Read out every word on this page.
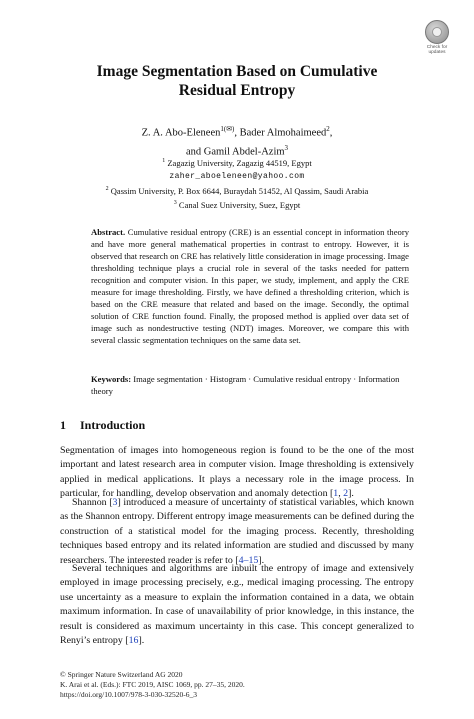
Check for
updates
Image Segmentation Based on Cumulative
Residual Entropy
Z. A. Abo-Eleneen$^{1(✉)}$, Bader Almohaimeed$^2$,
and Gamil Abdel-Azim$^3$
$^1$ Zagazig University, Zagazig 44519, Egypt
zaher_aboeleneen@yahoo.com
$^2$ Qassim University, P. Box 6644, Buraydah 51452, Al Qassim, Saudi Arabia
$^3$ Canal Suez University, Suez, Egypt

Abstract. Cumulative residual entropy (CRE) is an essential concept in information theory and have more general mathematical properties in contrast to entropy. However, it is observed that research on CRE has relatively little consideration in image processing. Image thresholding technique plays a crucial role in several of the tasks needed for pattern recognition and computer vision. In this paper, we study, implement, and apply the CRE measure for image thresholding. Firstly, we have defined a thresholding criterion, which is based on the CRE measure that related and based on the image. Secondly, the optimal solution of CRE function found. Finally, the proposed method is applied over data set of image such as nondestructive testing (NDT) images. Moreover, we compare this with several classic segmentation techniques on the same data set.

Keywords: Image segmentation · Histogram · Cumulative residual entropy · Information theory

1 Introduction

Segmentation of images into homogeneous region is found to be the one of the most important and latest research area in computer vision. Image thresholding is extensively applied in medical applications. It plays a necessary role in the image process. In particular, for handling, develop observation and anomaly detection [1, 2].

Shannon [3] introduced a measure of uncertainty of statistical variables, which known as the Shannon entropy. Different entropy image measurements can be defined during the construction of a statistical model for the imaging process. Recently, thresholding techniques based entropy and its related information are studied and discussed by many researchers. The interested reader is refer to [4–15].

Several techniques and algorithms are inbuilt the entropy of image and extensively employed in image processing precisely, e.g., medical imaging processing. The entropy use uncertainty as a measure to explain the information contained in a data, we obtain maximum information. In case of unavailability of prior knowledge, in this instance, the result is considered as maximum uncertainty in this case. This concept generalized to Renyi’s entropy [16].

© Springer Nature Switzerland AG 2020
K. Arai et al. (Eds.): FTC 2019, AISC 1069, pp. 27–35, 2020.
https://doi.org/10.1007/978-3-030-32520-6_3
